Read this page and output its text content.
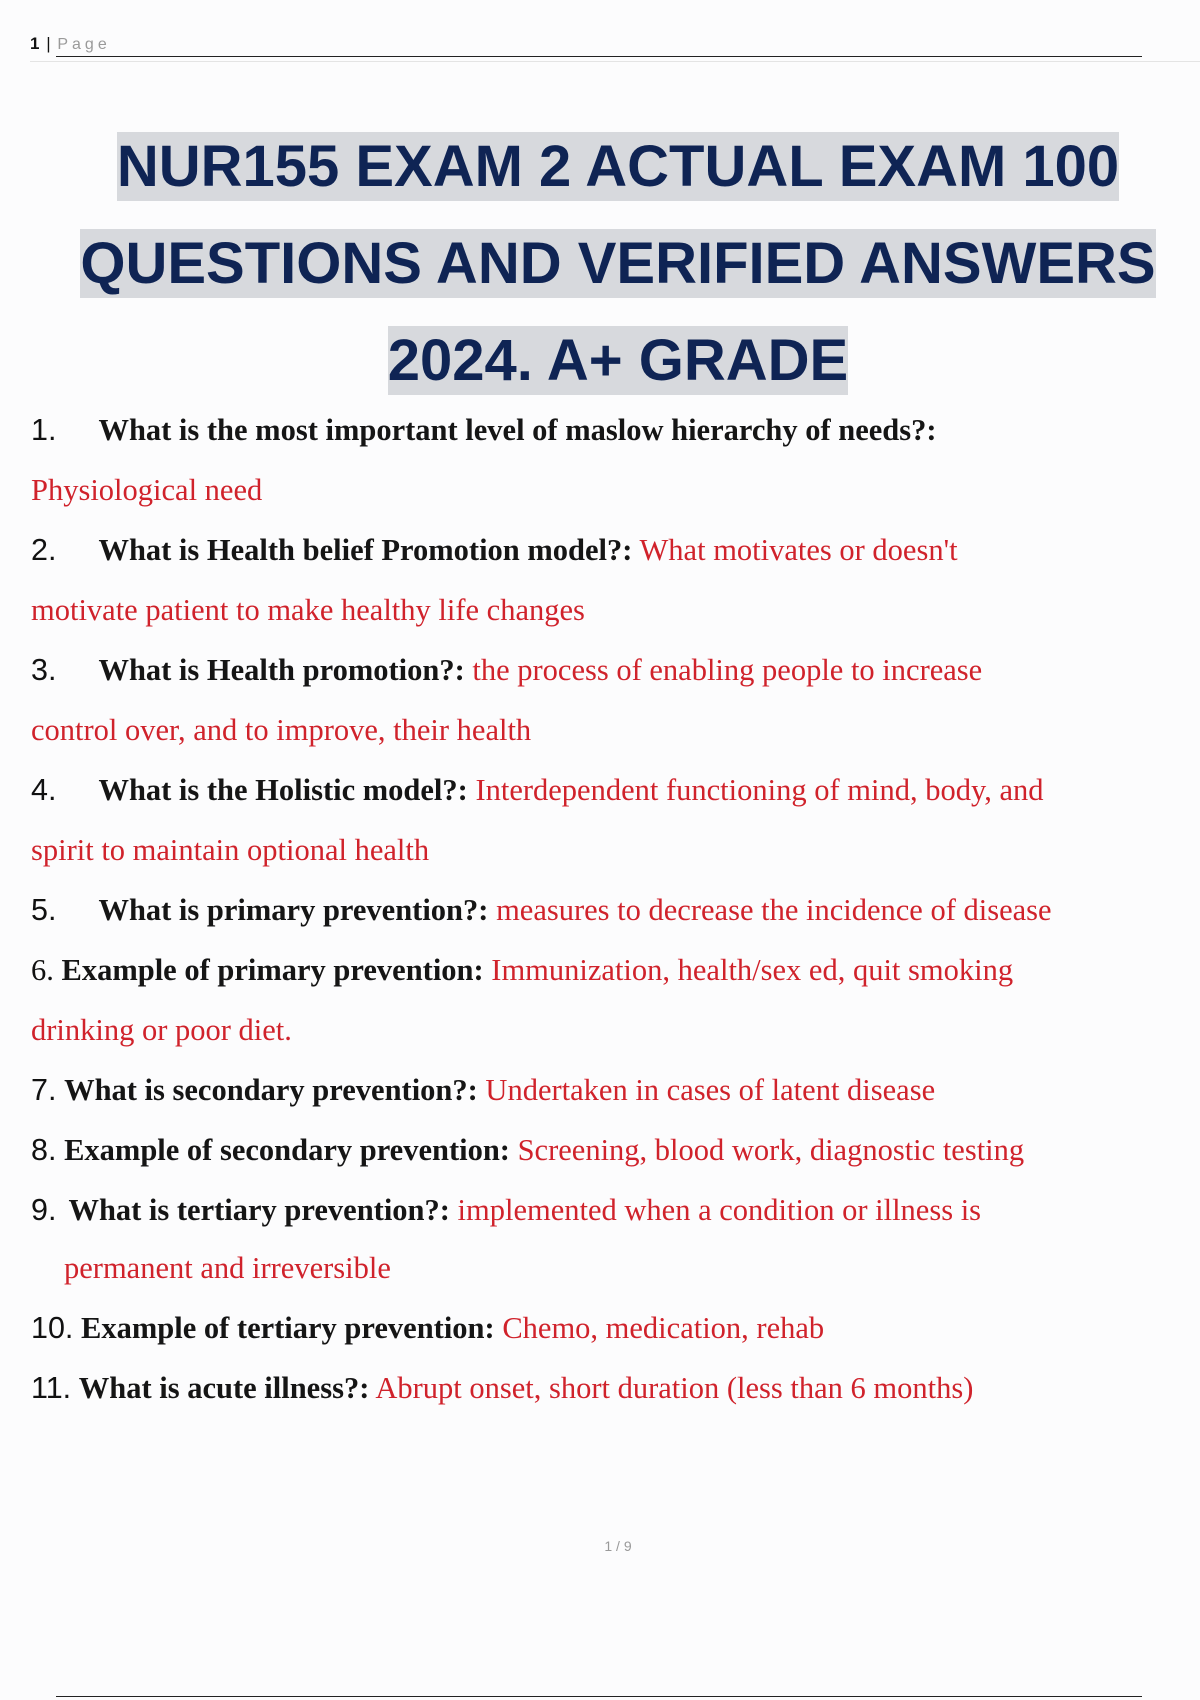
1 | Page
NUR155 EXAM 2 ACTUAL EXAM 100
QUESTIONS AND VERIFIED ANSWERS
2024. A+ GRADE
1. What is the most important level of maslow hierarchy of needs?:
Physiological need
2. What is Health belief Promotion model?: What motivates or doesn't
motivate patient to make healthy life changes
3. What is Health promotion?: the process of enabling people to increase
control over, and to improve, their health
4. What is the Holistic model?: Interdependent functioning of mind, body, and
spirit to maintain optional health
5. What is primary prevention?: measures to decrease the incidence of disease
6. Example of primary prevention: Immunization, health/sex ed, quit smoking
drinking or poor diet.
7. What is secondary prevention?: Undertaken in cases of latent disease
8. Example of secondary prevention: Screening, blood work, diagnostic testing
9. What is tertiary prevention?: implemented when a condition or illness is
permanent and irreversible
10. Example of tertiary prevention: Chemo, medication, rehab
11. What is acute illness?: Abrupt onset, short duration (less than 6 months)
1 / 9
